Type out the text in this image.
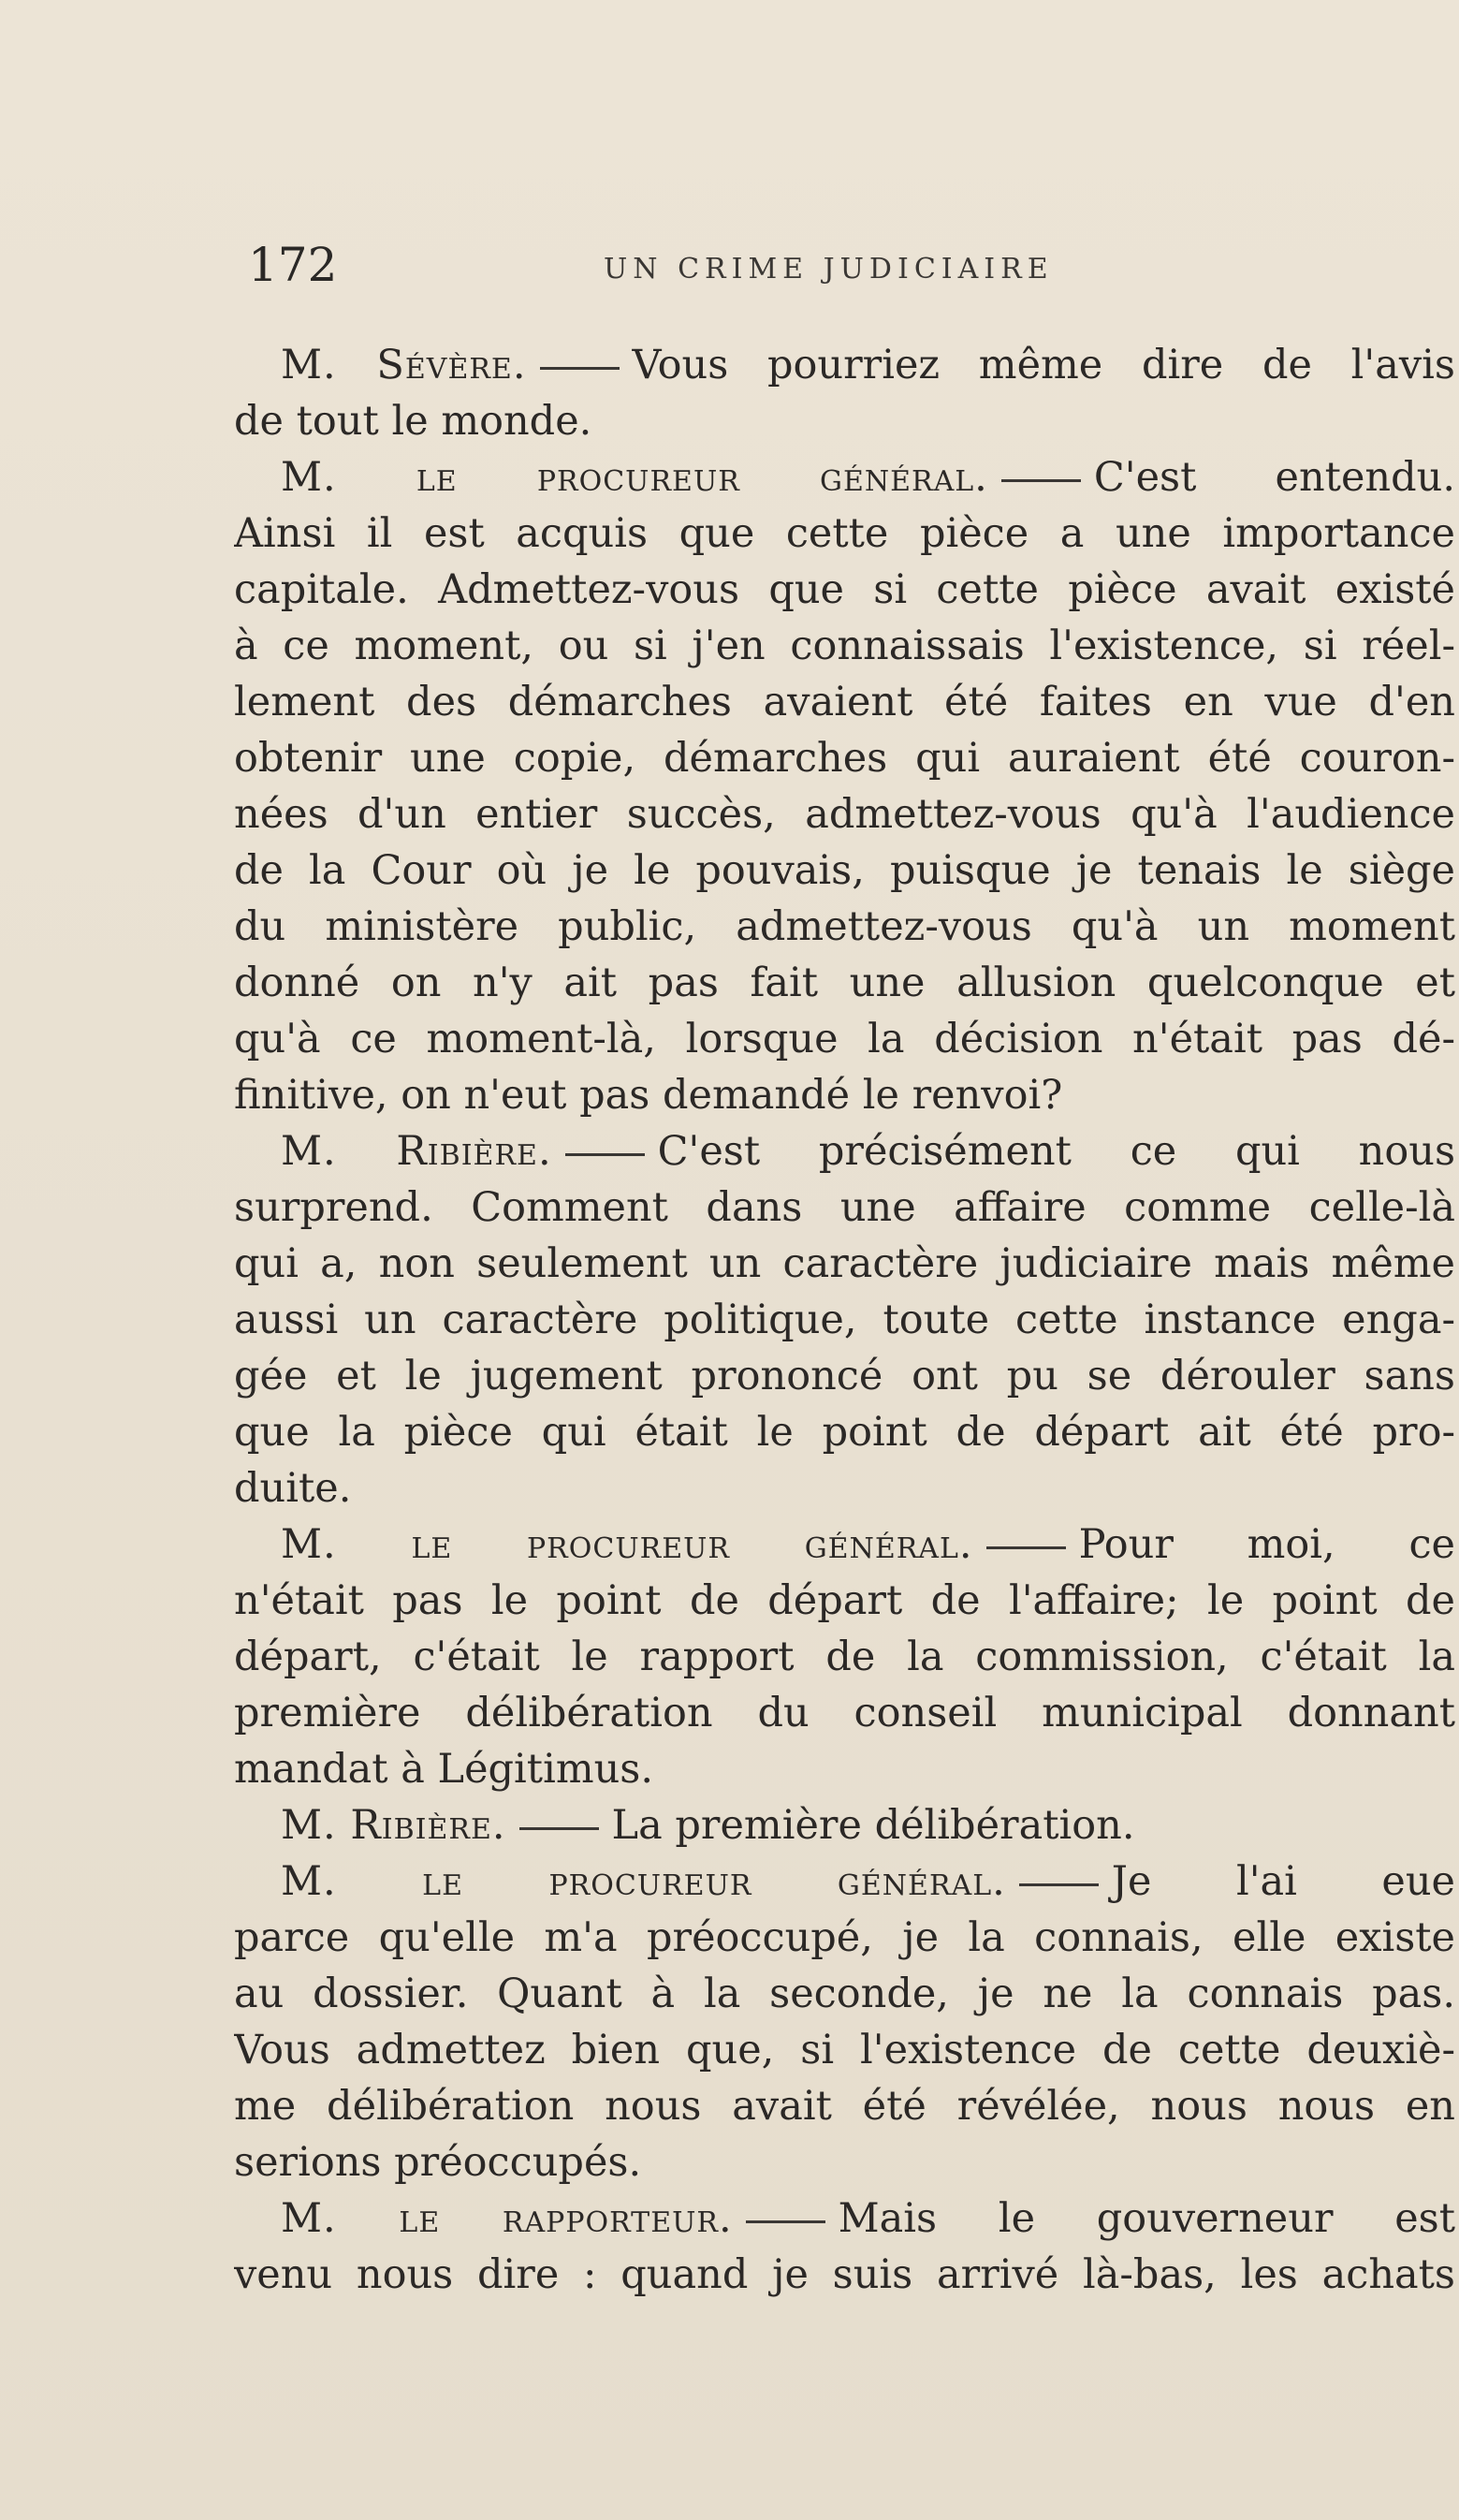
172	UN CRIME JUDICIAIRE
M. Sévère.	Vous pourriez même dire de l'avis
de tout le monde.
M. le procureur général.	C'est entendu.
Ainsi il est acquis que cette pièce a une importance
capitale. Admettez-vous que si cette pièce avait existé
à ce moment, ou si j'en connaissais l'existence, si réel-
lement des démarches avaient été faites en vue d'en
obtenir une copie, démarches qui auraient été couron-
nées d'un entier succès, admettez-vous qu'à l'audience
de la Cour où je le pouvais, puisque je tenais le siège
du ministère public, admettez-vous qu'à un moment
donné on n'y ait pas fait une allusion quelconque et
qu'à ce moment-là, lorsque la décision n'était pas dé-
finitive, on n'eut pas demandé le renvoi?
M. Ribière.	C'est précisément ce qui nous
surprend. Comment dans une affaire comme celle-là
qui a, non seulement un caractère judiciaire mais même
aussi un caractère politique, toute cette instance enga-
gée et le jugement prononcé ont pu se dérouler sans
que la pièce qui était le point de départ ait été pro-
duite.
M. le procureur général.	Pour moi, ce
n'était pas le point de départ de l'affaire; le point de
départ, c'était le rapport de la commission, c'était la
première délibération du conseil municipal donnant
mandat à Légitimus.
M. Ribière.	La première délibération.
M. le procureur général.	Je l'ai eue
parce qu'elle m'a préoccupé, je la connais, elle existe
au dossier. Quant à la seconde, je ne la connais pas.
Vous admettez bien que, si l'existence de cette deuxiè-
me délibération nous avait été révélée, nous nous en
serions préoccupés.
M. le rapporteur.	Mais le gouverneur est
venu nous dire : quand je suis arrivé là-bas, les achats
